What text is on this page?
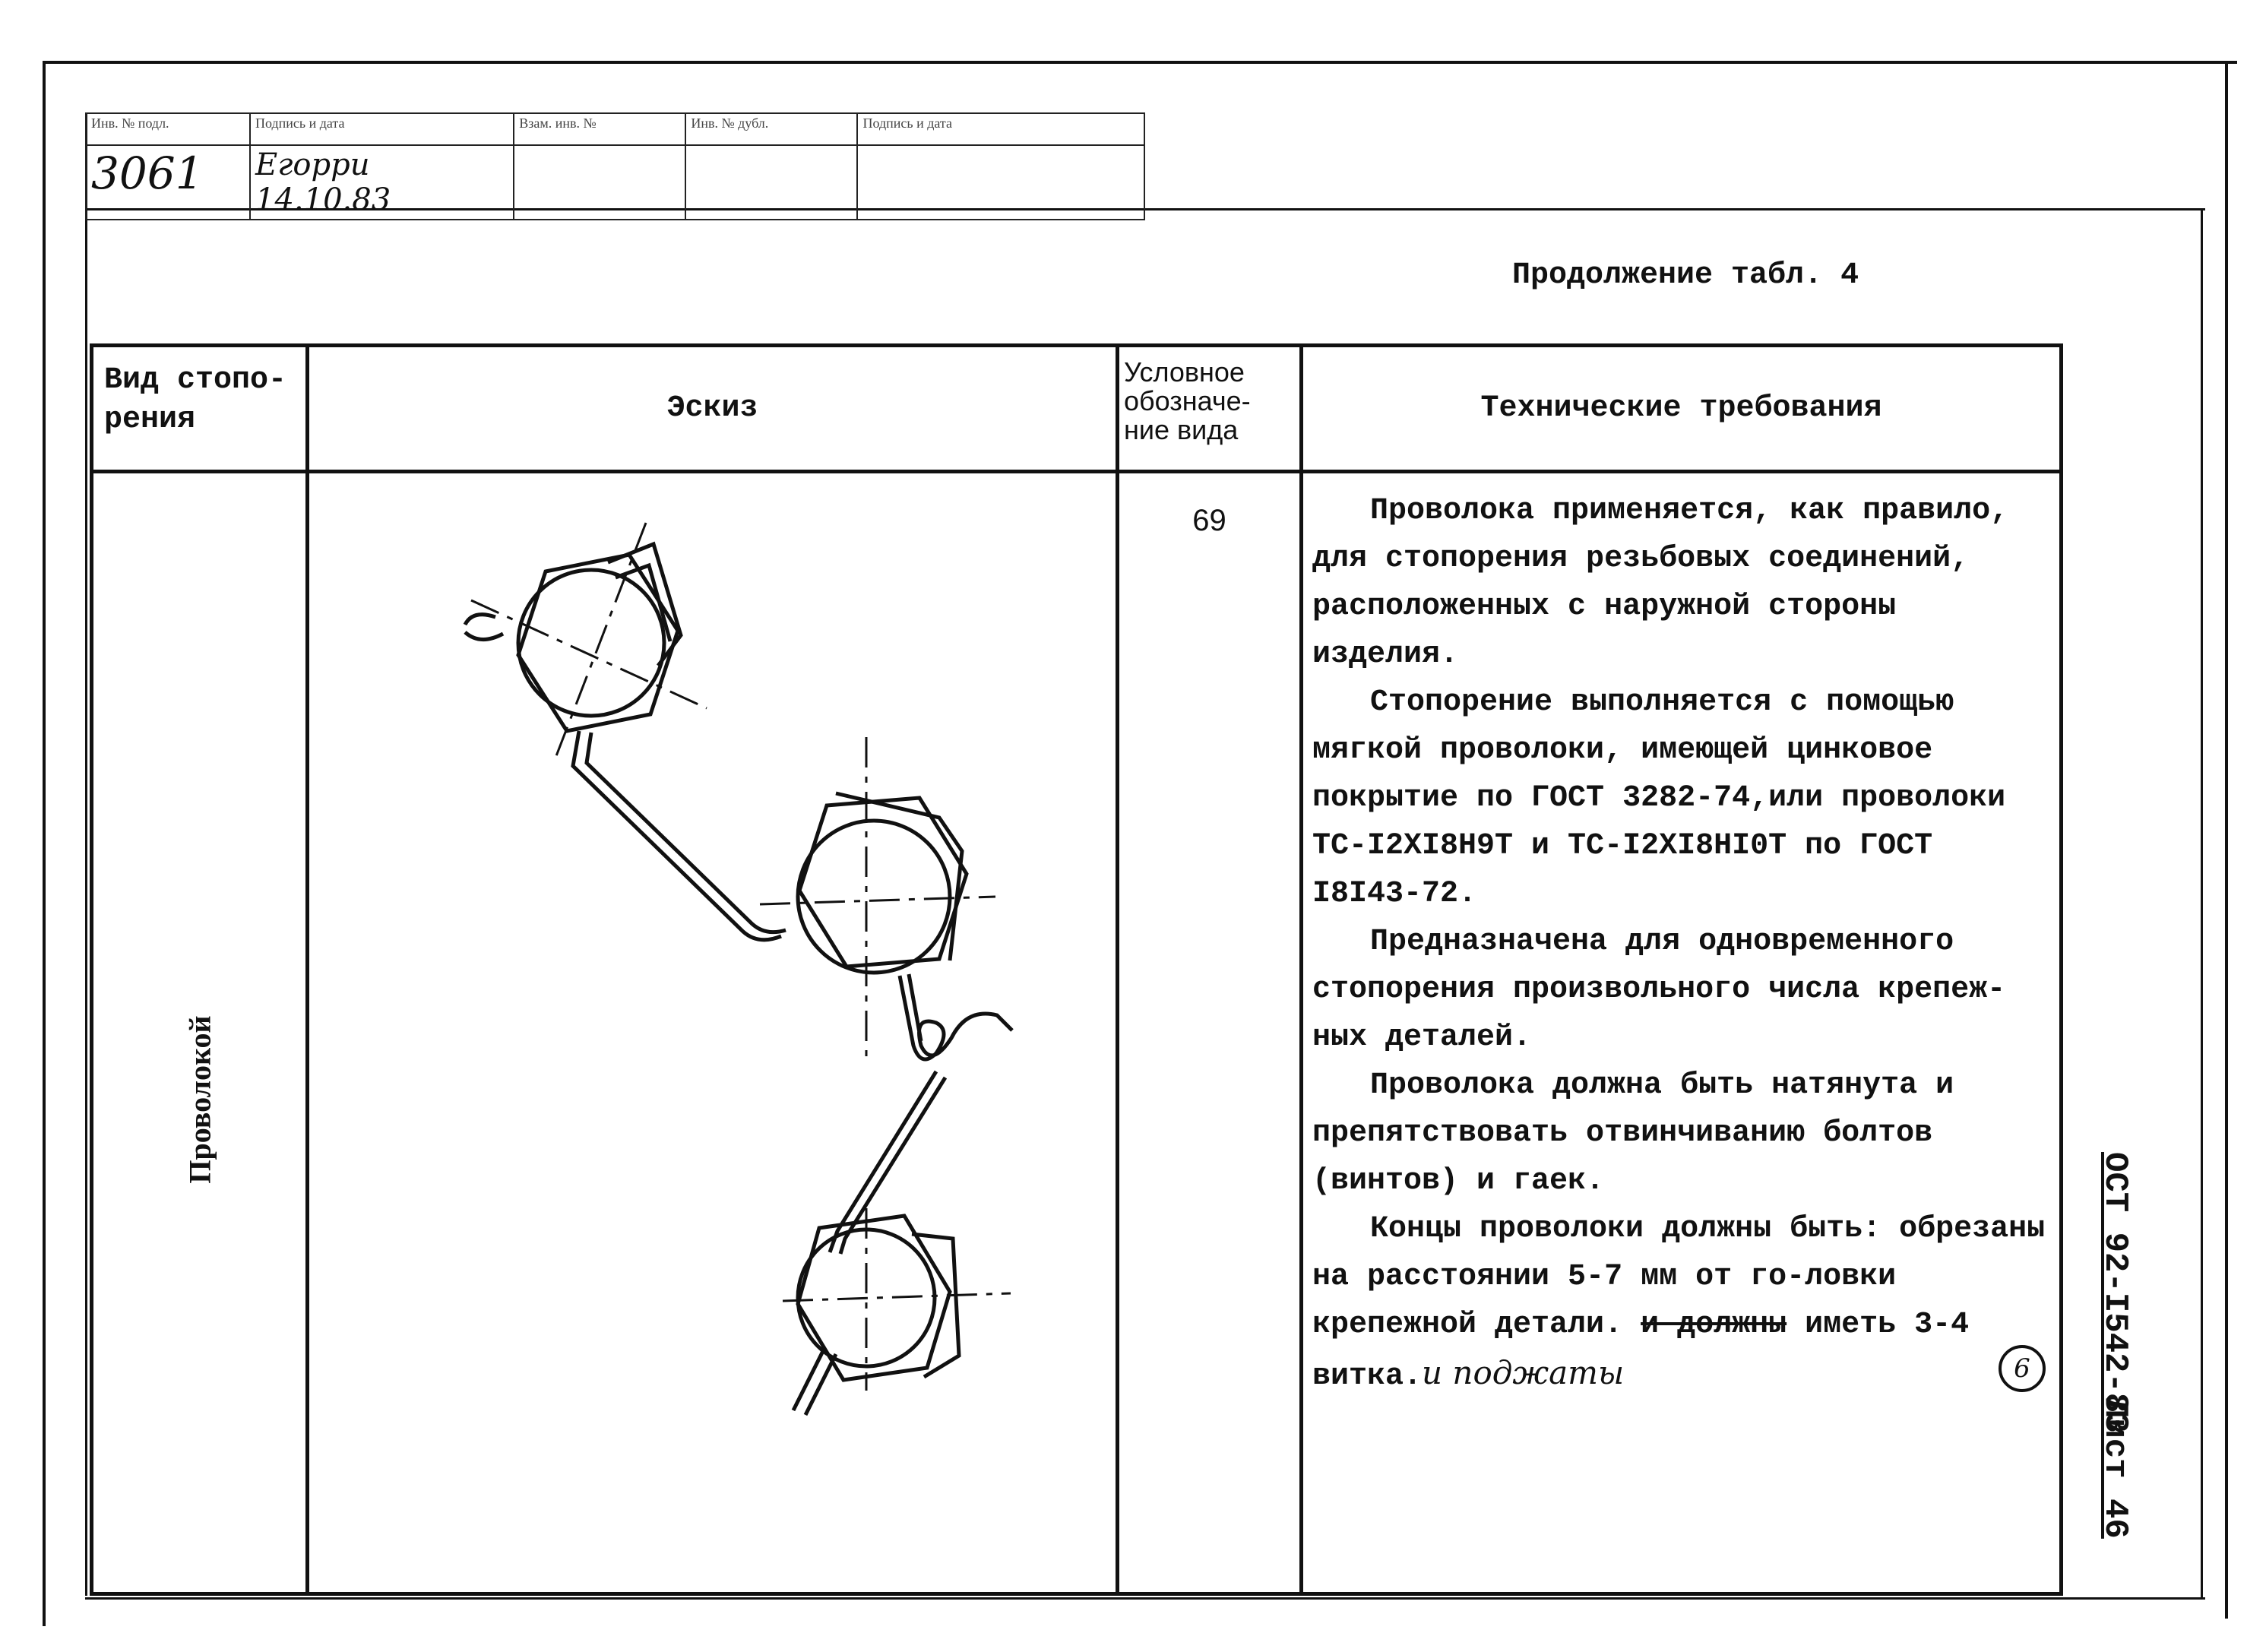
Инв. № подл.	Подпись и дата	Взам. инв. №	Инв. № дубл.	Подпись и дата
3061	Егорри 14.10.83			
Продолжение табл. 4
Вид стопо-рения	Эскиз	Условное обозначе-ние вида	Технические требования

Проволокой		69	Проволока применяется, как правило, для стопорения резьбовых соединений, расположенных с наружной стороны изделия.

Стопорение выполняется с помощью мягкой проволоки, имеющей цинковое покрытие по ГОСТ 3282-74,или проволоки ТС-I2XI8H9T и ТС-I2XI8HI0T по ГОСТ I8I43-72.

Предназначена для одновременного стопорения произвольного числа крепеж-ных деталей.

Проволока должна быть натянута и препятствовать отвинчиванию болтов (винтов) и гаек.

Концы проволоки должны быть: обрезаны на расстоянии 5-7 мм от го-ловки крепежной детали. и должны иметь 3-4 витка.и поджаты	6	ОСТ 92-I542-83
Лист 46
